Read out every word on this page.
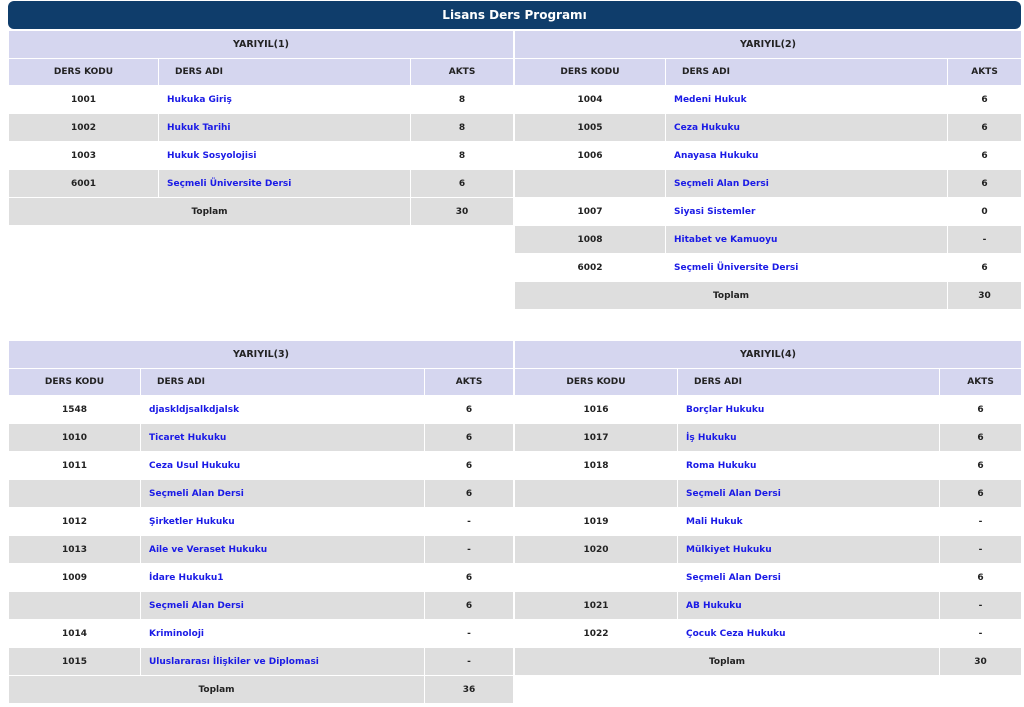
Lisans Ders Programı
YARIYIL(1)		
DERS KODU	DERS ADI	AKTS
1001	Hukuka Giriş	8
1002	Hukuk Tarihi	8
1003	Hukuk Sosyolojisi	8
6001	Seçmeli Üniversite Dersi	6
Toplam		30
YARIYIL(2)		
DERS KODU	DERS ADI	AKTS
1004	Medeni Hukuk	6
1005	Ceza Hukuku	6
1006	Anayasa Hukuku	6
	Seçmeli Alan Dersi	6
1007	Siyasi Sistemler	0
1008	Hitabet ve Kamuoyu	-
6002	Seçmeli Üniversite Dersi	6
Toplam		30
YARIYIL(3)		
DERS KODU	DERS ADI	AKTS
1548	djaskldjsalkdjalsk	6
1010	Ticaret Hukuku	6
1011	Ceza Usul Hukuku	6
	Seçmeli Alan Dersi	6
1012	Şirketler Hukuku	-
1013	Aile ve Veraset Hukuku	-
1009	İdare Hukuku1	6
	Seçmeli Alan Dersi	6
1014	Kriminoloji	-
1015	Uluslararası İlişkiler ve Diplomasi	-
Toplam		36
YARIYIL(4)		
DERS KODU	DERS ADI	AKTS
1016	Borçlar Hukuku	6
1017	İş Hukuku	6
1018	Roma Hukuku	6
	Seçmeli Alan Dersi	6
1019	Mali Hukuk	-
1020	Mülkiyet Hukuku	-
	Seçmeli Alan Dersi	6
1021	AB Hukuku	-
1022	Çocuk Ceza Hukuku	-
Toplam		30
